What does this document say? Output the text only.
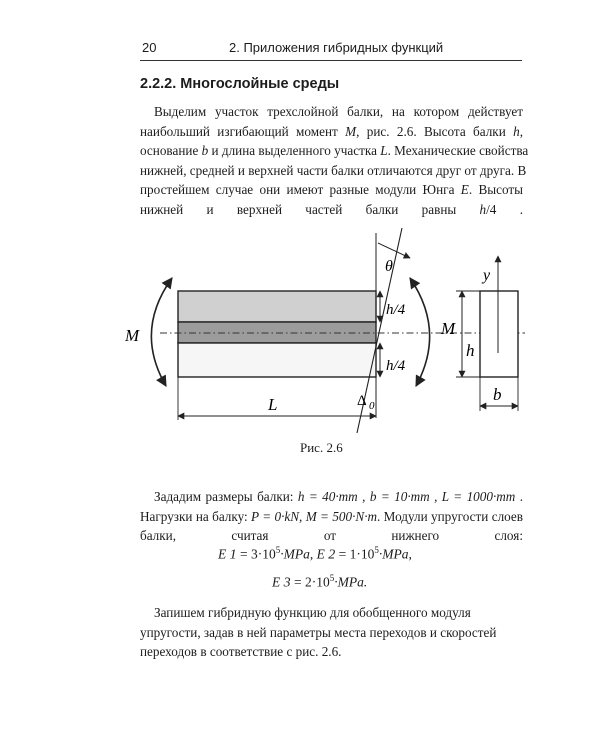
20	2. Приложения гибридных функций
2.2.2. Многослойные среды
Выделим участок трехслойной балки, на котором действует
наибольший изгибающий момент M, рис. 2.6. Высота балки h,
основание b и длина выделенного участка L. Механические свойства
нижней, средней и верхней части балки отличаются друг от друга. В
простейшем случае они имеют разные модули Юнга E. Высоты
нижней и верхней частей балки равны h/4 .
M	M
θ
h/4
h/4
h
y
L	Δ 0
b
Рис. 2.6
Зададим размеры балки: h = 40·mm , b = 10·mm , L = 1000·mm .
Нагрузки на балку: P = 0·kN, M = 500·N·m. Модули упругости слоев
балки, считая от нижнего слоя:
E $1 = 3\cdot 10^5\cdot MPa$, E $2 = 1\cdot 10^5\cdot MPa$,
E $3 = 2\cdot 10^5\cdot MPa$.
Запишем гибридную функцию для обобщенного модуля
упругости, задав в ней параметры места переходов и скоростей
переходов в соответствие с рис. 2.6.
